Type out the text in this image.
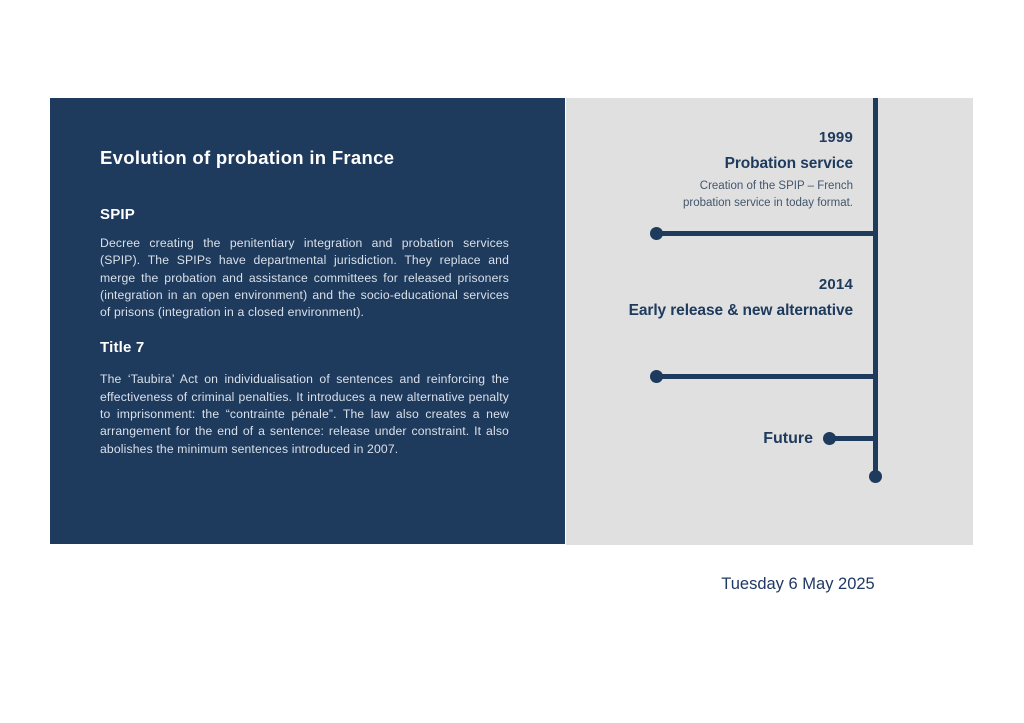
Evolution of probation in France
SPIP

Decree creating the penitentiary integration and probation services (SPIP). The SPIPs have departmental jurisdiction. They replace and merge the probation and assistance committees for released prisoners (integration in an open environment) and the socio-educational services of prisons (integration in a closed environment).

Title 7

The ‘Taubira’ Act on individualisation of sentences and reinforcing the effectiveness of criminal penalties. It introduces a new alternative penalty to imprisonment: the “contrainte pénale”. The law also creates a new arrangement for the end of a sentence: release under constraint. It also abolishes the minimum sentences introduced in 2007.

1999
Probation service
Creation of the SPIP – French probation service in today format.
2014
Early release & new alternative
Future
Tuesday 6 May 2025
